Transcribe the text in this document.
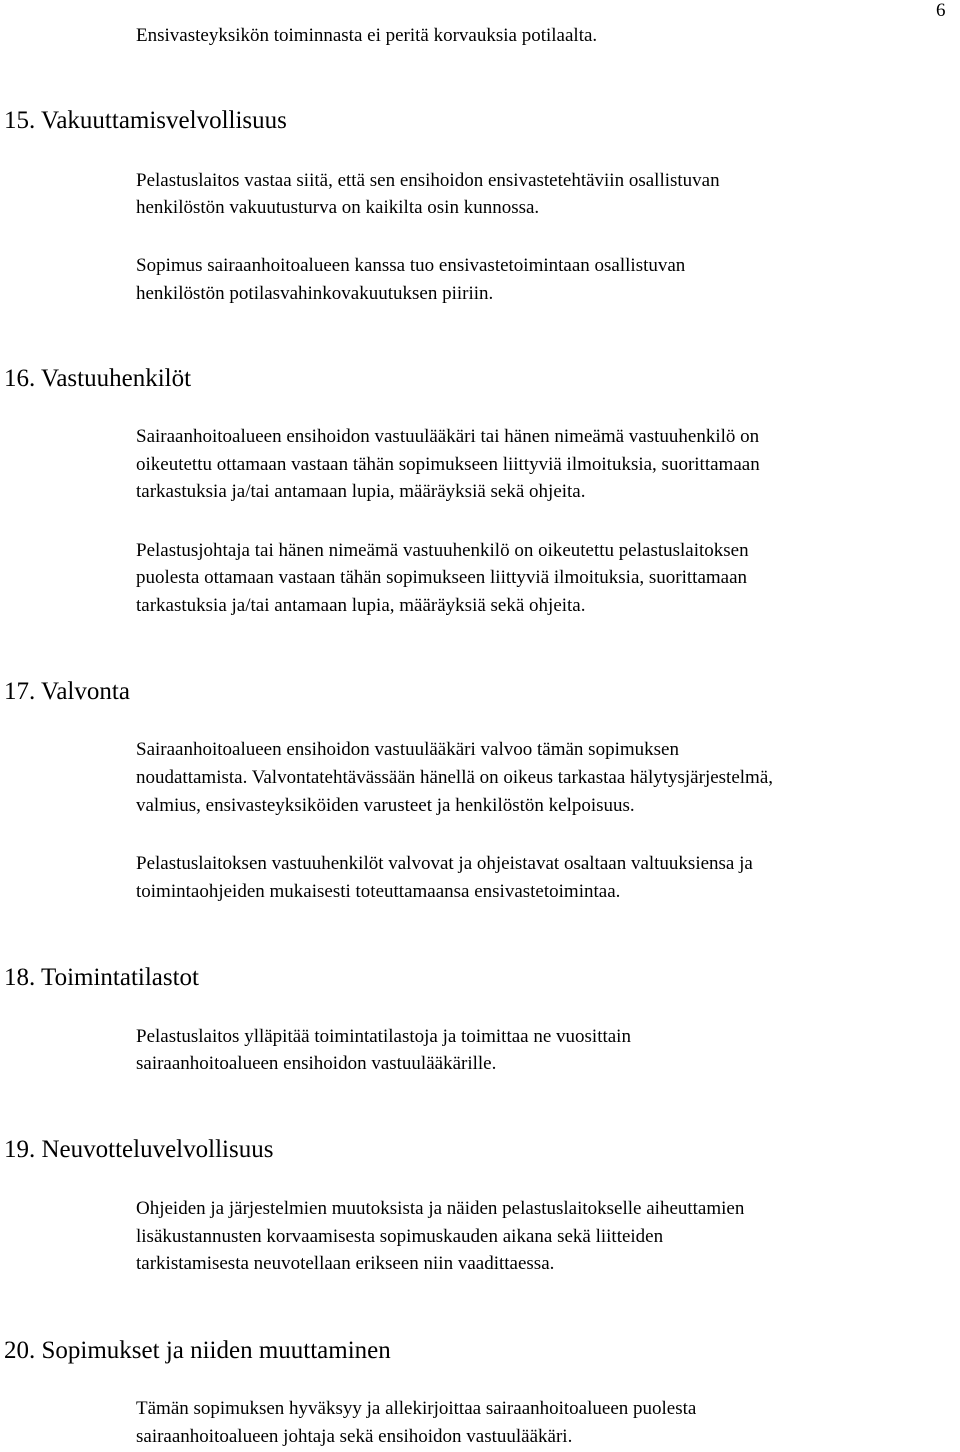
6
Ensivasteyksikön toiminnasta ei peritä korvauksia potilaalta.
15. Vakuuttamisvelvollisuus
Pelastuslaitos vastaa siitä, että sen ensihoidon ensivastetehtäviin osallistuvan
henkilöstön vakuutusturva on kaikilta osin kunnossa.
Sopimus sairaanhoitoalueen kanssa tuo ensivastetoimintaan osallistuvan
henkilöstön potilasvahinkovakuutuksen piiriin.
16. Vastuuhenkilöt
Sairaanhoitoalueen ensihoidon vastuulääkäri tai hänen nimeämä vastuuhenkilö on
oikeutettu ottamaan vastaan tähän sopimukseen liittyviä ilmoituksia, suorittamaan
tarkastuksia ja/tai antamaan lupia, määräyksiä sekä ohjeita.
Pelastusjohtaja tai hänen nimeämä vastuuhenkilö on oikeutettu pelastuslaitoksen
puolesta ottamaan vastaan tähän sopimukseen liittyviä ilmoituksia, suorittamaan
tarkastuksia ja/tai antamaan lupia, määräyksiä sekä ohjeita.
17. Valvonta
Sairaanhoitoalueen ensihoidon vastuulääkäri valvoo tämän sopimuksen
noudattamista. Valvontatehtävässään hänellä on oikeus tarkastaa hälytysjärjestelmä,
valmius, ensivasteyksiköiden varusteet ja henkilöstön kelpoisuus.
Pelastuslaitoksen vastuuhenkilöt valvovat ja ohjeistavat osaltaan valtuuksiensa ja
toimintaohjeiden mukaisesti toteuttamaansa ensivastetoimintaa.
18. Toimintatilastot
Pelastuslaitos ylläpitää toimintatilastoja ja toimittaa ne vuosittain
sairaanhoitoalueen ensihoidon vastuulääkärille.
19. Neuvotteluvelvollisuus
Ohjeiden ja järjestelmien muutoksista ja näiden pelastuslaitokselle aiheuttamien
lisäkustannusten korvaamisesta sopimuskauden aikana sekä liitteiden
tarkistamisesta neuvotellaan erikseen niin vaadittaessa.
20. Sopimukset ja niiden muuttaminen
Tämän sopimuksen hyväksyy ja allekirjoittaa sairaanhoitoalueen puolesta
sairaanhoitoalueen johtaja sekä ensihoidon vastuulääkäri.
